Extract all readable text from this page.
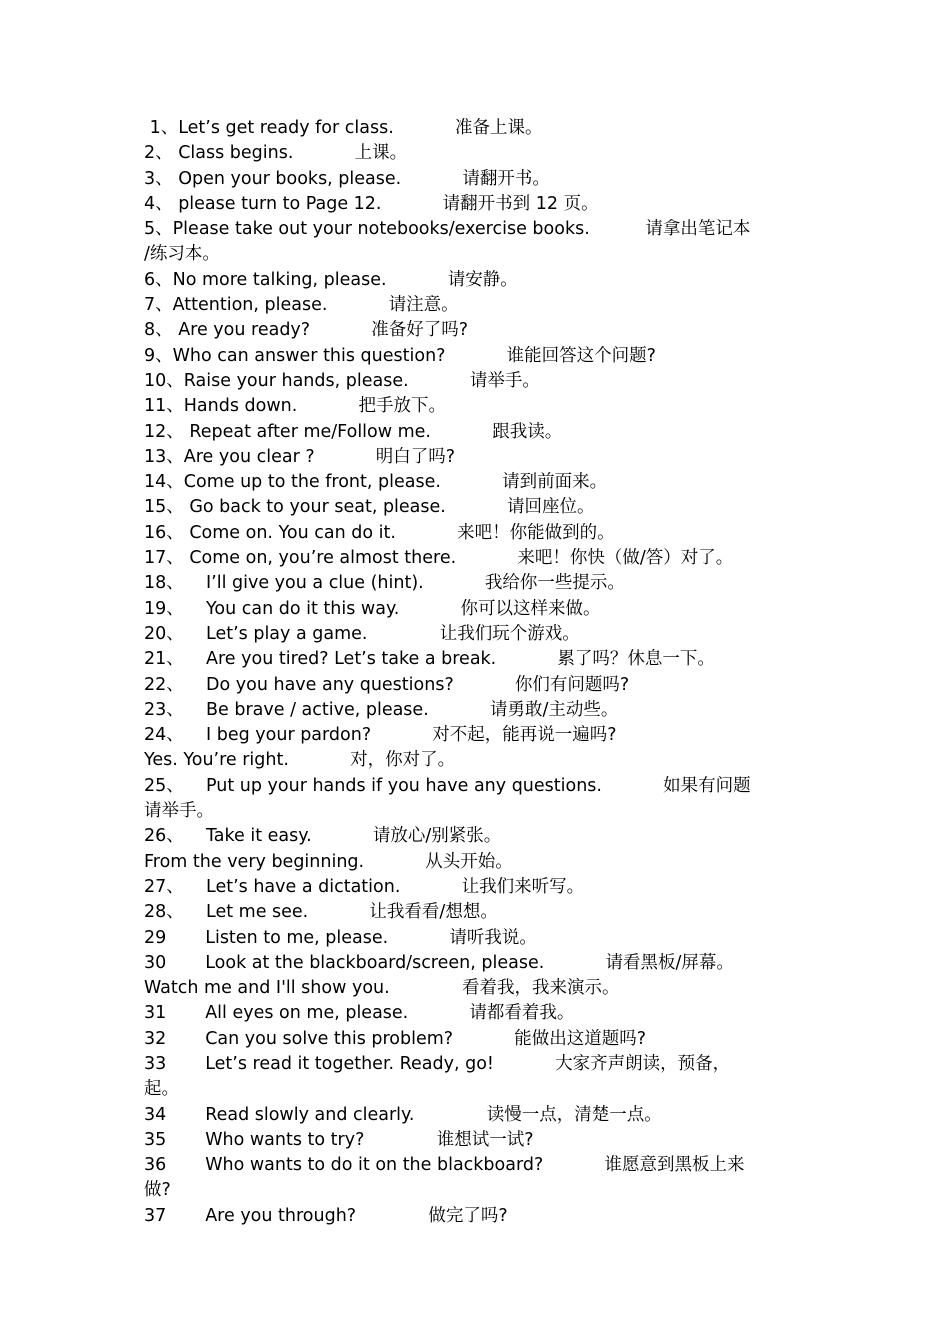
1、Let’s get ready for class.           准备上课。
2、 Class begins.           上课。
3、 Open your books, please.           请翻开书。
4、 please turn to Page 12.           请翻开书到 12 页。
5、Please take out your notebooks/exercise books.          请拿出笔记本
/练习本。
6、No more talking, please.           请安静。
7、Attention, please.           请注意。
8、 Are you ready?           准备好了吗?
9、Who can answer this question?           谁能回答这个问题?
10、Raise your hands, please.           请举手。
11、Hands down.           把手放下。
12、 Repeat after me/Follow me.           跟我读。
13、Are you clear ?           明白了吗?
14、Come up to the front, please.           请到前面来。
15、 Go back to your seat, please.           请回座位。
16、 Come on. You can do it.           来吧！你能做到的。
17、 Come on, you’re almost there.           来吧！你快（做/答）对了。
18、    I’ll give you a clue (hint).           我给你一些提示。
19、    You can do it this way.           你可以这样来做。
20、    Let’s play a game.             让我们玩个游戏。
21、    Are you tired? Let’s take a break.           累了吗？休息一下。
22、    Do you have any questions?           你们有问题吗?
23、    Be brave / active, please.           请勇敢/主动些。
24、    I beg your pardon?           对不起，能再说一遍吗?
Yes. You’re right.           对，你对了。
25、    Put up your hands if you have any questions.           如果有问题
请举手。
26、    Take it easy.           请放心/别紧张。
From the very beginning.           从头开始。
27、    Let’s have a dictation.           让我们来听写。
28、    Let me see.           让我看看/想想。
29       Listen to me, please.           请听我说。
30       Look at the blackboard/screen, please.           请看黑板/屏幕。
Watch me and I'll show you.             看着我，我来演示。
31       All eyes on me, please.           请都看着我。
32       Can you solve this problem?           能做出这道题吗?
33       Let’s read it together. Ready, go!           大家齐声朗读，预备，
起。
34       Read slowly and clearly.             读慢一点，清楚一点。
35       Who wants to try?             谁想试一试?
36       Who wants to do it on the blackboard?           谁愿意到黑板上来
做?
37       Are you through?             做完了吗?
